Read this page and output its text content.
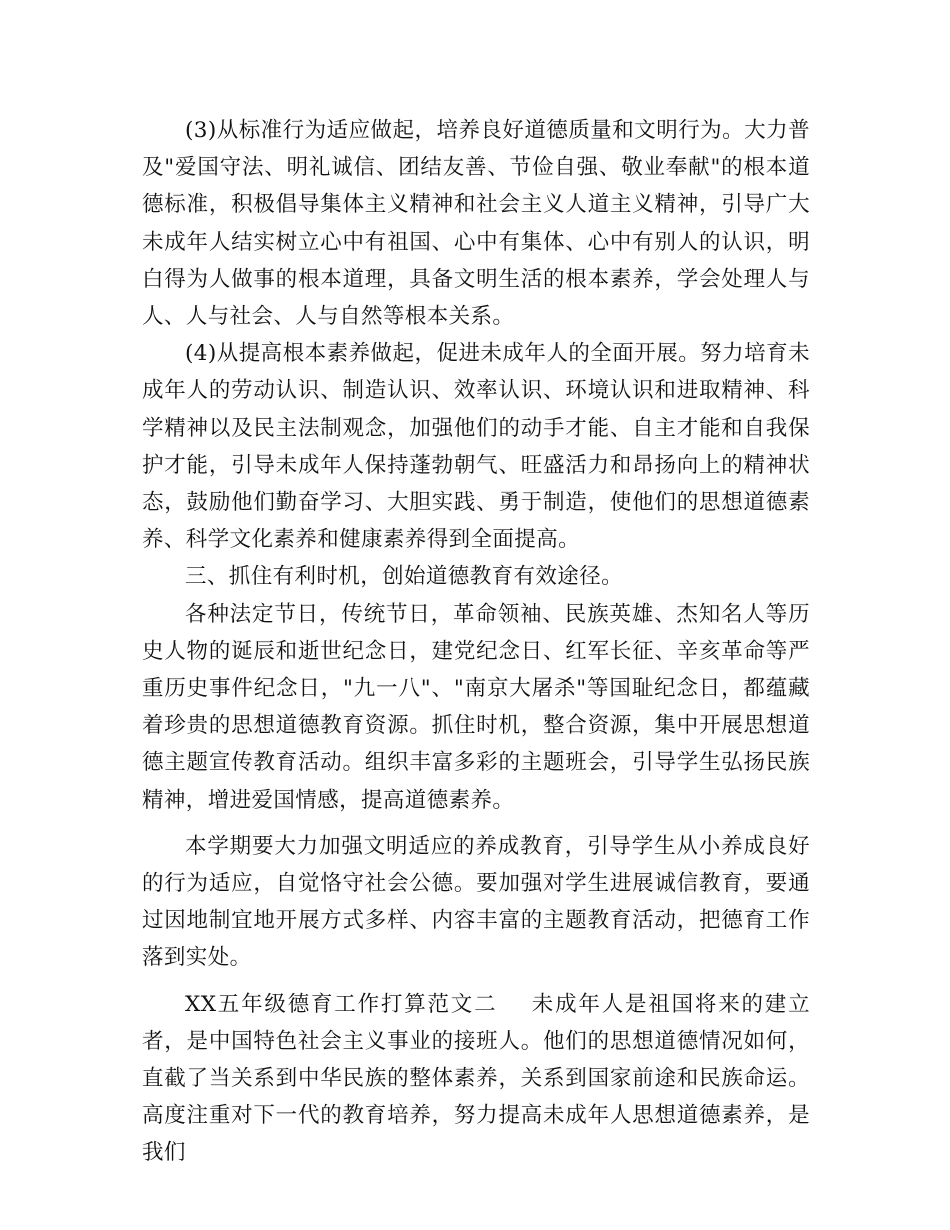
(3)从标准行为适应做起，培养良好道德质量和文明行为。大力普及"爱国守法、明礼诚信、团结友善、节俭自强、敬业奉献"的根本道德标准，积极倡导集体主义精神和社会主义人道主义精神，引导广大未成年人结实树立心中有祖国、心中有集体、心中有别人的认识，明白得为人做事的根本道理，具备文明生活的根本素养，学会处理人与人、人与社会、人与自然等根本关系。

(4)从提高根本素养做起，促进未成年人的全面开展。努力培育未成年人的劳动认识、制造认识、效率认识、环境认识和进取精神、科学精神以及民主法制观念，加强他们的动手才能、自主才能和自我保护才能，引导未成年人保持蓬勃朝气、旺盛活力和昂扬向上的精神状态，鼓励他们勤奋学习、大胆实践、勇于制造，使他们的思想道德素养、科学文化素养和健康素养得到全面提高。

三、抓住有利时机，创始道德教育有效途径。

各种法定节日，传统节日，革命领袖、民族英雄、杰知名人等历史人物的诞辰和逝世纪念日，建党纪念日、红军长征、辛亥革命等严重历史事件纪念日，"九一八"、"南京大屠杀"等国耻纪念日，都蕴藏着珍贵的思想道德教育资源。抓住时机，整合资源，集中开展思想道德主题宣传教育活动。组织丰富多彩的主题班会，引导学生弘扬民族精神，增进爱国情感，提高道德素养。

本学期要大力加强文明适应的养成教育，引导学生从小养成良好的行为适应，自觉恪守社会公德。要加强对学生进展诚信教育，要通过因地制宜地开展方式多样、内容丰富的主题教育活动，把德育工作落到实处。

XX五年级德育工作打算范文二 未成年人是祖国将来的建立者，是中国特色社会主义事业的接班人。他们的思想道德情况如何，直截了当关系到中华民族的整体素养，关系到国家前途和民族命运。高度注重对下一代的教育培养，努力提高未成年人思想道德素养，是我们
